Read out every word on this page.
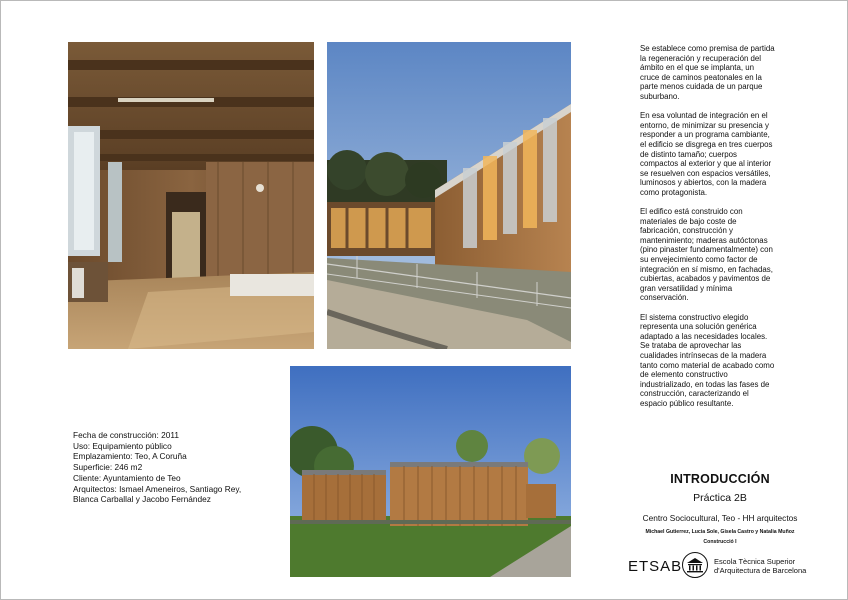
Fecha de construcción: 2011
Uso: Equipamiento público
Emplazamiento: Teo, A Coruña
Superficie: 246 m2
Cliente: Ayuntamiento de Teo
Arquitectos: Ismael Ameneiros, Santiago Rey,
Blanca Carballal y Jacobo Fernández

Se establece como premisa de partida la regeneración y recuperación del ámbito en el que se implanta, un cruce de caminos peatonales en la parte menos cuidada de un parque suburbano.

En esa voluntad de integración en el entorno, de minimizar su presencia y responder a un programa cambiante, el edificio se disgrega en tres cuerpos de distinto tamaño; cuerpos compactos al exterior y que al interior se resuelven con espacios versátiles, luminosos y abiertos, con la madera como protagonista.

El edifico está construido con materiales de bajo coste de fabricación, construcción y mantenimiento; maderas autóctonas (pino pinaster fundamentalmente) con su envejecimiento como factor de integración en sí mismo, en fachadas, cubiertas, acabados y pavimentos de gran versatilidad y mínima conservación.

El sistema constructivo elegido representa una solución genérica adaptado a las necesidades locales. Se trataba de aprovechar las cualidades intrínsecas de la madera tanto como material de acabado como de elemento constructivo industrializado, en todas las fases de construcción, caracterizando el espacio público resultante.

INTRODUCCIÓN
Práctica 2B
Centro Sociocultural, Teo - HH arquitectos
Michael Gutierrez, Lucia Sole, Gisela Castro y Natalia Muñoz
Construcció I
ETSAB	Escola Tècnica Superior
d'Arquitectura de Barcelona
